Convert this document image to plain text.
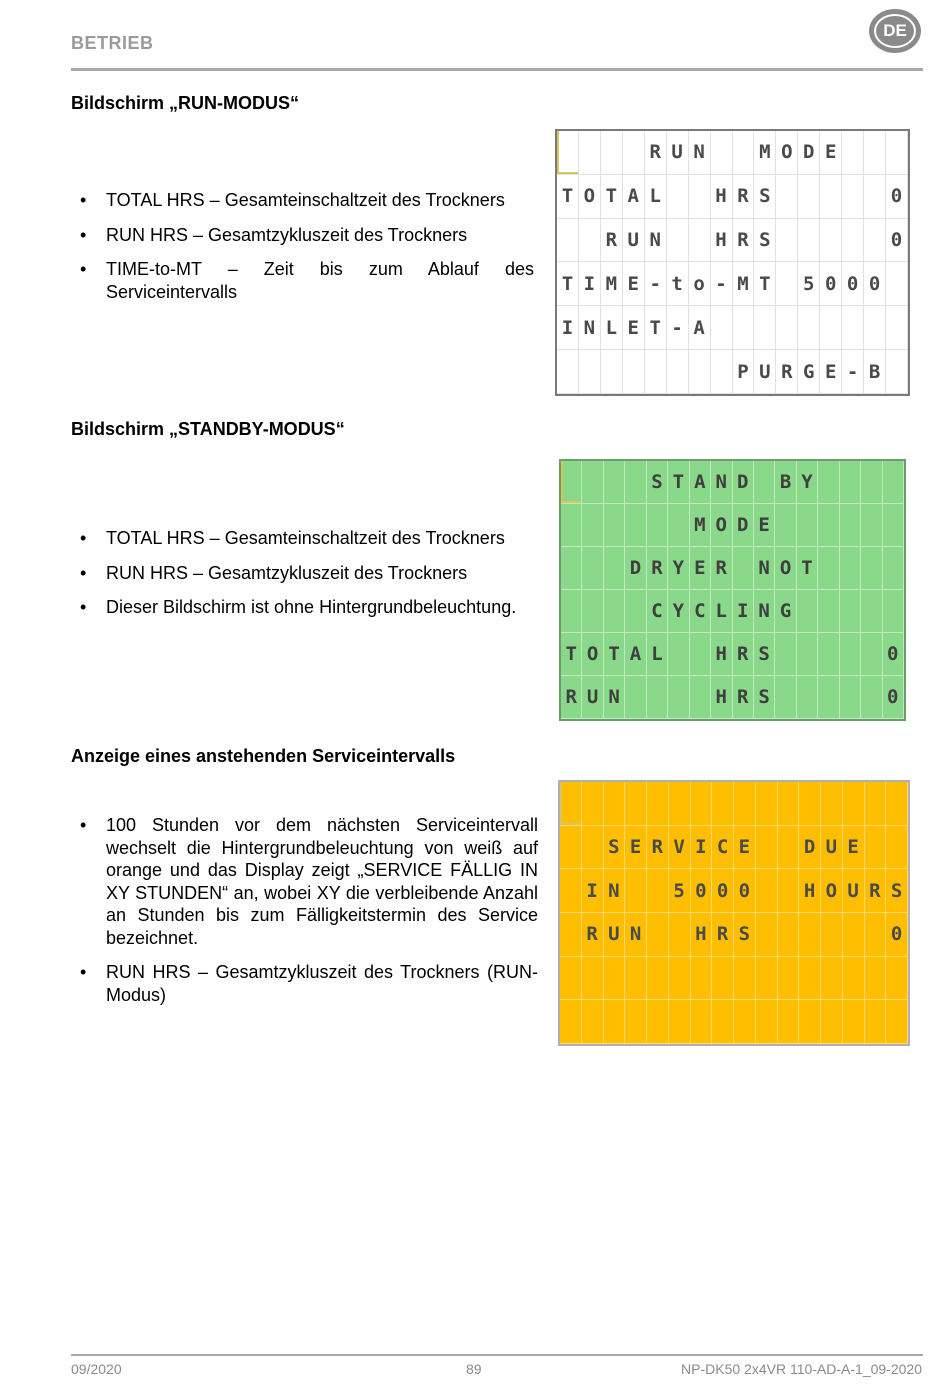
BETRIEB
DE
Bildschirm „RUN-MODUS“
• TOTAL HRS – Gesamteinschaltzeit des Trockners
• RUN HRS – Gesamtzykluszeit des Trockners
• TIME-to-MT – Zeit bis zum Ablauf des Serviceintervalls
R U N	M O D E
T O T A L	H R S	0
R U N	H R S	0
T I M E - t o - M T	5 0 0 0
I N L E T - A
P U R G E - B
Bildschirm „STANDBY-MODUS“
• TOTAL HRS – Gesamteinschaltzeit des Trockners
• RUN HRS – Gesamtzykluszeit des Trockners
• Dieser Bildschirm ist ohne Hintergrundbeleuchtung.
S T A N D B Y
M O D E
D R Y E R N O T
C Y C L I N G
T O T A L	H R S	0
R U N	H R S	0
Anzeige eines anstehenden Serviceintervalls
• 100 Stunden vor dem nächsten Serviceintervall wechselt die Hintergrundbeleuchtung von weiß auf orange und das Display zeigt „SERVICE FÄLLIG IN XY STUNDEN“ an, wobei XY die verbleibende Anzahl an Stunden bis zum Fälligkeitstermin des Service bezeichnet.
• RUN HRS – Gesamtzykluszeit des Trockners (RUN-Modus)
S E R V I C E	D U E
I N	5 0 0 0	H O U R S
R U N	H R S	0
09/2020	89	NP-DK50 2x4VR 110-AD-A-1_09-2020
